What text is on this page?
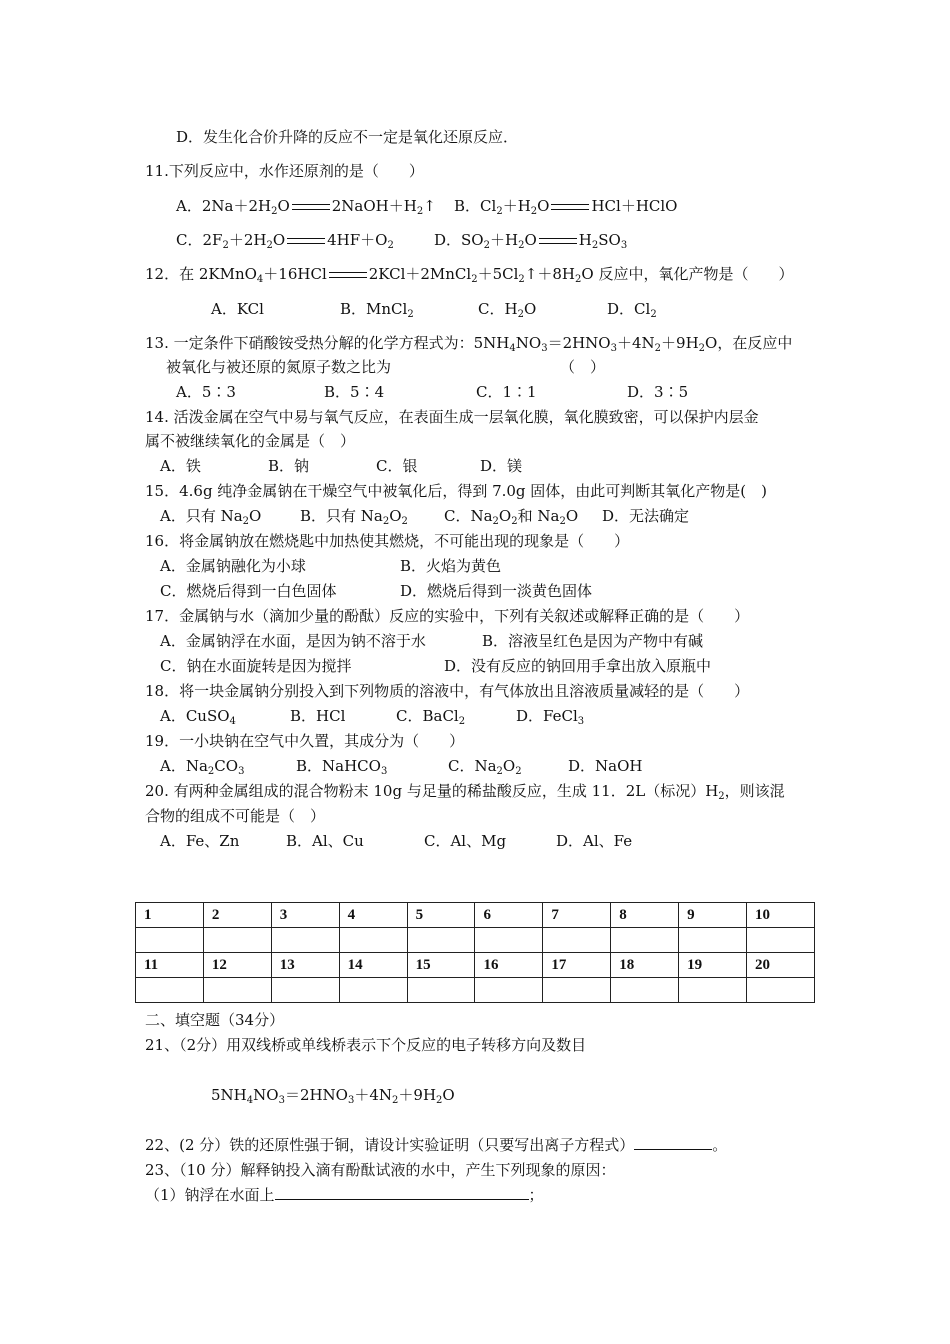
D．发生化合价升降的反应不一定是氧化还原反应．
11.下列反应中，水作还原剂的是（　　）
A．$2Na+2H_2O$	$2NaOH+H_2↑$ B．$Cl_2+H_2O$	HCl＋HClO
C．$2F_2+2H_2O$	$4HF+O_2$	D．$SO_2+H_2O$	$H_2SO_3$
12．在 2KMnO$_4$＋16HCl	$2KCl+2MnCl_2+5Cl_2↑+8H_2O$ 反应中，氧化产物是（　　）
A．KCl	B．MnCl$_2$	C．$H_2O$	D．$Cl_2$
13. 一定条件下硝酸铵受热分解的化学方程式为：$5NH_4NO_3=2HNO_3+4N_2+9H_2O$，在反应中
被氧化与被还原的氮原子数之比为	（　）
A．5∶3	B．5∶4	C．1∶1	D．3∶5
14. 活泼金属在空气中易与氧气反应，在表面生成一层氧化膜，氧化膜致密，可以保护内层金
属不被继续氧化的金属是（　）
A．铁	B．钠	C．银	D．镁
15．4.6g 纯净金属钠在干燥空气中被氧化后，得到 7.0g 固体，由此可判断其氧化产物是(　)
A．只有 $Na_2O$	B．只有 $Na_2O_2$ C．$Na_2O_2$和 $Na_2O$ D．无法确定
16．将金属钠放在燃烧匙中加热使其燃烧，不可能出现的现象是（　　）
A．金属钠融化为小球	B．火焰为黄色
C．燃烧后得到一白色固体	D．燃烧后得到一淡黄色固体
17．金属钠与水（滴加少量的酚酞）反应的实验中，下列有关叙述或解释正确的是（　　）
A．金属钠浮在水面，是因为钠不溶于水	B．溶液呈红色是因为产物中有碱
C．钠在水面旋转是因为搅拌	D．没有反应的钠回用手拿出放入原瓶中
18．将一块金属钠分别投入到下列物质的溶液中，有气体放出且溶液质量减轻的是（　　）
A．CuSO$_4$	B．HCl	C．BaCl$_2$	D．FeCl$_3$
19．一小块钠在空气中久置，其成分为（　　）
A．$Na_2CO_3$	B．NaHCO$_3$	C．$Na_2O_2$	D．NaOH
20. 有两种金属组成的混合物粉末 10g 与足量的稀盐酸反应，生成 11．2L（标况）$H_2$，则该混
合物的组成不可能是（　）
A．Fe、Zn	B．Al、Cu	C．Al、Mg	D．Al、Fe
1	2	3	4	5	6	7	8	9	10

11	12	13	14	15	16	17	18	19	20

二、填空题（34分）
21、（2分）用双线桥或单线桥表示下个反应的电子转移方向及数目
$5NH_4NO_3=2HNO_3+4N_2+9H_2O$
22、(2 分）铁的还原性强于铜，请设计实验证明（只要写出离子方程式）	。
23、（10 分）解释钠投入滴有酚酞试液的水中，产生下列现象的原因：
（1）钠浮在水面上	；
